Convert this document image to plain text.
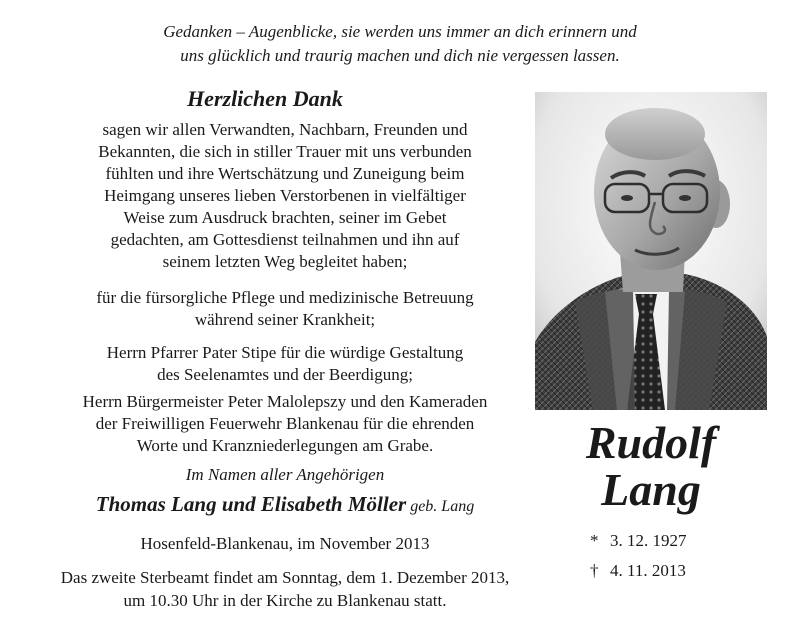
Gedanken – Augenblicke, sie werden uns immer an dich erinnern und
uns glücklich und traurig machen und dich nie vergessen lassen.
Herzlichen Dank
sagen wir allen Verwandten, Nachbarn, Freunden und
Bekannten, die sich in stiller Trauer mit uns verbunden
fühlten und ihre Wertschätzung und Zuneigung beim
Heimgang unseres lieben Verstorbenen in vielfältiger
Weise zum Ausdruck brachten, seiner im Gebet
gedachten, am Gottesdienst teilnahmen und ihn auf
seinem letzten Weg begleitet haben;
für die fürsorgliche Pflege und medizinische Betreuung
während seiner Krankheit;
Herrn Pfarrer Pater Stipe für die würdige Gestaltung
des Seelenamtes und der Beerdigung;
Herrn Bürgermeister Peter Malolepszy und den Kameraden
der Freiwilligen Feuerwehr Blankenau für die ehrenden
Worte und Kranzniederlegungen am Grabe.
Im Namen aller Angehörigen
Thomas Lang und Elisabeth Möller geb. Lang
Hosenfeld-Blankenau, im November 2013
Das zweite Sterbeamt findet am Sonntag, dem 1. Dezember 2013,
um 10.30 Uhr in der Kirche zu Blankenau statt.
Rudolf
Lang
* 3. 12. 1927
† 4. 11. 2013
